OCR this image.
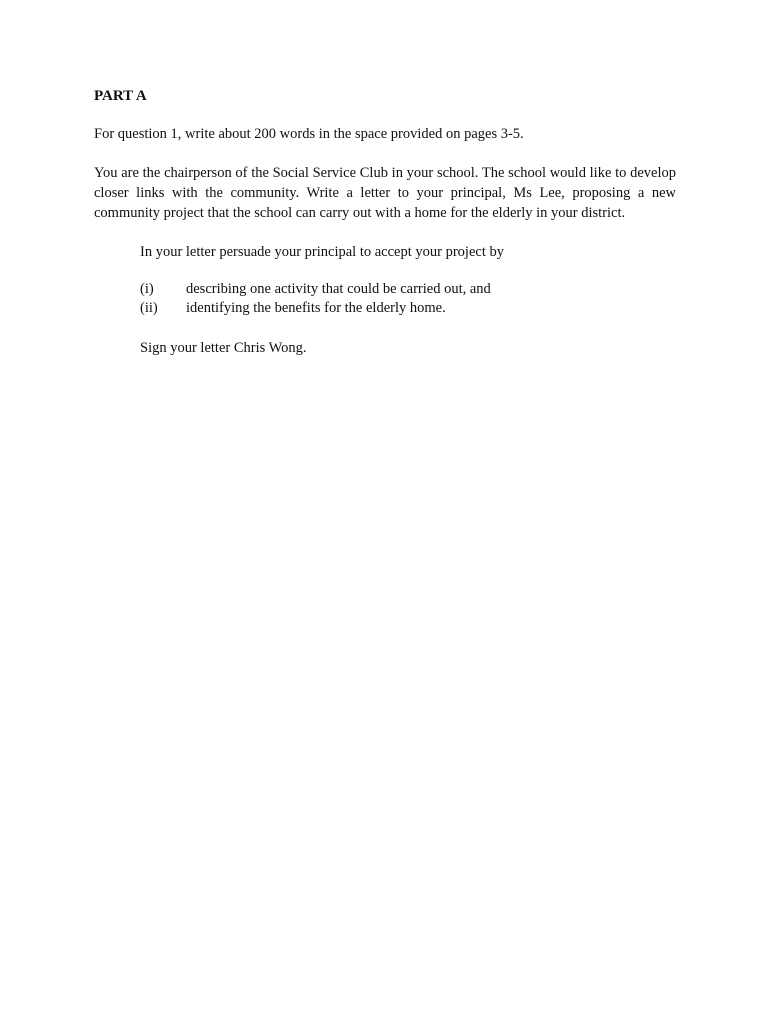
PART A

For question 1, write about 200 words in the space provided on pages 3-5.

You are the chairperson of the Social Service Club in your school. The school would like to develop closer links with the community. Write a letter to your principal, Ms Lee, proposing a new community project that the school can carry out with a home for the elderly in your district.

In your letter persuade your principal to accept your project by

(i)	describing one activity that could be carried out, and
(ii)	identifying the benefits for the elderly home.

Sign your letter Chris Wong.
